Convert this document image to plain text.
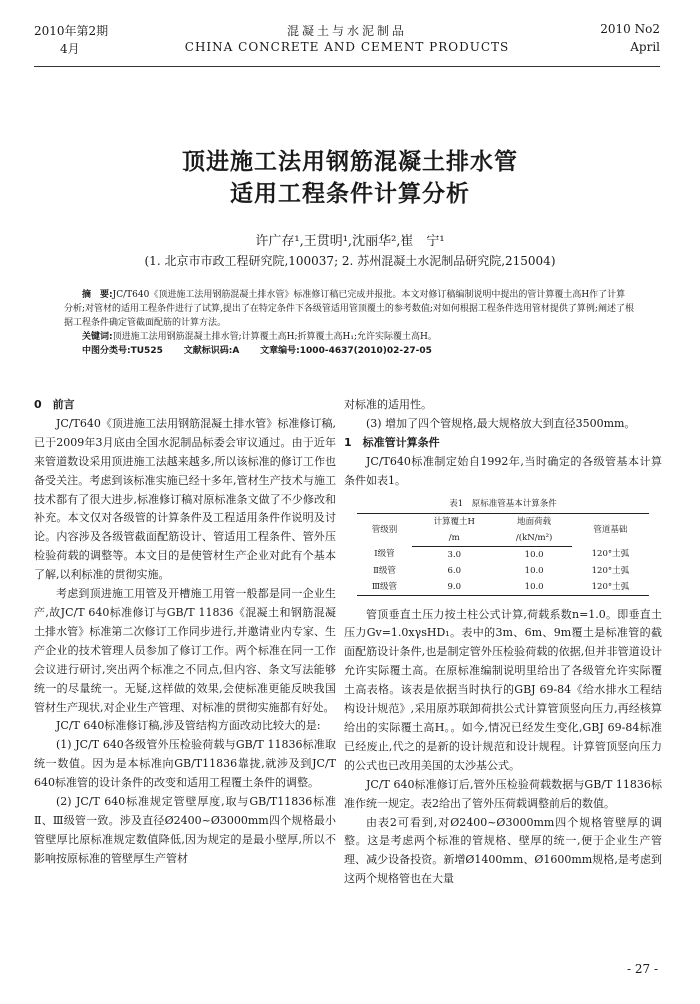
2010年第2期
4月
混凝土与水泥制品
CHINA CONCRETE AND CEMENT PRODUCTS
2010 No2
April
顶进施工法用钢筋混凝土排水管
适用工程条件计算分析
许广存¹,王贯明¹,沈丽华²,崔　宁¹
(1. 北京市市政工程研究院,100037; 2. 苏州混凝土水泥制品研究院,215004)

摘　要:JC/T640《顶进施工法用钢筋混凝土排水管》标准修订稿已完成并报批。本文对修订稿编制说明中提出的管计算覆土高H作了计算分析;对管材的适用工程条件进行了试算,提出了在特定条件下各级管适用管顶覆土的参考数值;对如何根据工程条件选用管材提供了算例;阐述了根据工程条件确定管截面配筋的计算方法。

关键词:顶进施工法用钢筋混凝土排水管;计算覆土高H;折算覆土高H₁;允许实际覆土高H。

中图分类号:TU525 文献标识码:A 文章编号:1000-4637(2010)02-27-05

0　前言

JC/T640《顶进施工法用钢筋混凝土排水管》标准修订稿,已于2009年3月底由全国水泥制品标委会审议通过。由于近年来管道数设采用顶进施工法越来越多,所以该标准的修订工作也备受关注。考虑到该标准实施已经十多年,管材生产技术与施工技术都有了很大进步,标准修订稿对原标准条文做了不少修改和补充。本文仅对各级管的计算条件及工程适用条件作说明及讨论。内容涉及各级管截面配筋设计、管适用工程条件、管外压检验荷载的调整等。本文目的是使管材生产企业对此有个基本了解,以利标准的贯彻实施。

考虑到顶进施工用管及开槽施工用管一般都是同一企业生产,故JC/T 640标准修订与GB/T 11836《混凝土和钢筋混凝土排水管》标准第二次修订工作同步进行,并邀请业内专家、生产企业的技术管理人员参加了修订工作。两个标准在同一工作会议进行研讨,突出两个标准之不同点,但内容、条文写法能够统一的尽量统一。无疑,这样做的效果,会使标准更能反映我国管材生产现状,对企业生产管理、对标准的贯彻实施都有好处。

JC/T 640标准修订稿,涉及管结构方面改动比较大的是:

(1) JC/T 640各级管外压检验荷载与GB/T 11836标准取统一数值。因为是本标准向GB/T11836靠拢,就涉及到JC/T 640标准管的设计条件的改变和适用工程覆土条件的调整。

(2) JC/T 640标准规定管壁厚度,取与GB/T11836标准Ⅱ、Ⅲ级管一致。涉及直径Ø2400~Ø3000mm四个规格最小管壁厚比原标准规定数值降低,因为规定的是最小壁厚,所以不影响按原标准的管壁厚生产管材

对标准的适用性。

(3) 增加了四个管规格,最大规格放大到直径3500mm。

1　标准管计算条件

JC/T640标准制定始自1992年,当时确定的各级管基本计算条件如表1。

表1　原标准管基本计算条件
管级别	计算覆土H	地面荷载	管道基础
	/m	/(kN/m²)	
Ⅰ级管	3.0	10.0	120°土弧
Ⅱ级管	6.0	10.0	120°土弧
Ⅲ级管	9.0	10.0	120°土弧

管顶垂直土压力按土柱公式计算,荷载系数n=1.0。即垂直土压力Gv=1.0xγsHD₁。表中的3m、6m、9m覆土是标准管的截面配筋设计条件,也是制定管外压检验荷载的依据,但并非管道设计允许实际覆土高。在原标准编制说明里给出了各级管允许实际覆土高表格。该表是依据当时执行的GBJ 69-84《给水排水工程结构设计规范》,采用原苏联卸荷拱公式计算管顶竖向压力,再经核算给出的实际覆土高H。。如今,情况已经发生变化,GBJ 69-84标准已经废止,代之的是新的设计规范和设计规程。计算管顶竖向压力的公式也已改用美国的太沙基公式。

JC/T 640标准修订后,管外压检验荷载数据与GB/T 11836标准作统一规定。表2给出了管外压荷载调整前后的数值。

由表2可看到,对Ø2400~Ø3000mm四个规格管壁厚的调整。这是考虑两个标准的管规格、壁厚的统一,便于企业生产管理、减少设备投资。新增Ø1400mm、Ø1600mm规格,是考虑到这两个规格管也在大量

- 27 -
